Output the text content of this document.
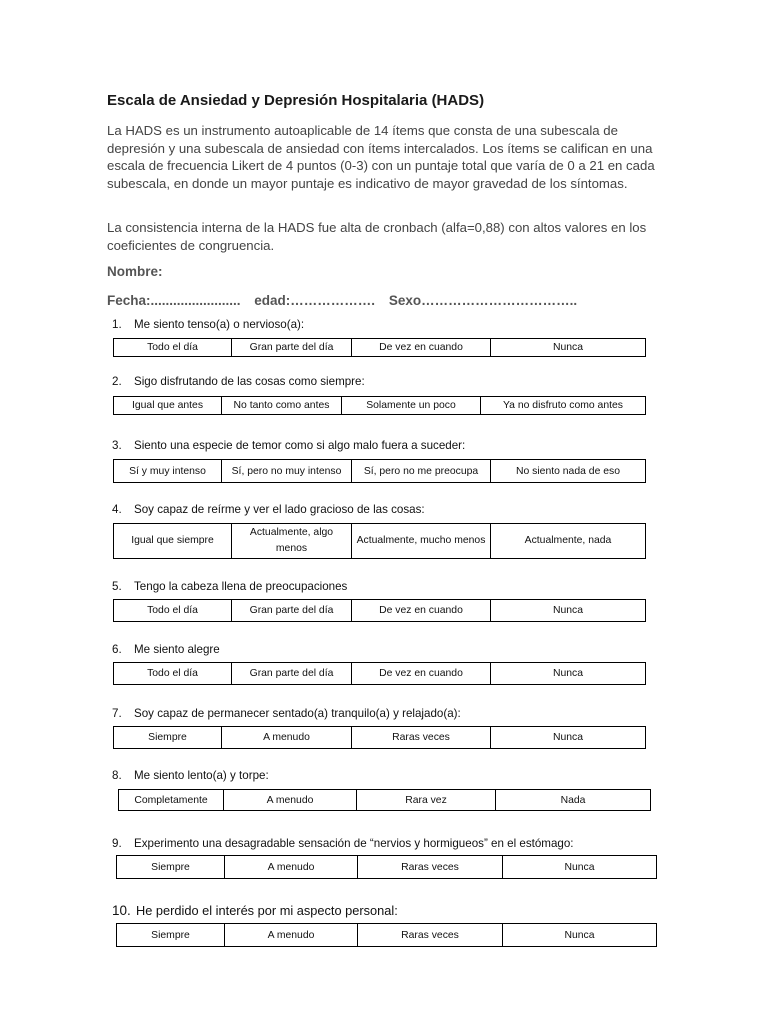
Escala de Ansiedad y Depresión Hospitalaria (HADS)
La HADS es un instrumento autoaplicable de 14 ítems que consta de una subescala de depresión y una subescala de ansiedad con ítems intercalados. Los ítems se califican en una escala de frecuencia Likert de 4 puntos (0-3) con un puntaje total que varía de 0 a 21 en cada subescala, en donde un mayor puntaje es indicativo de mayor gravedad de los síntomas.
La consistencia interna de la HADS fue alta de cronbach (alfa=0,88) con altos valores en los coeficientes de congruencia.
Nombre:
Fecha:........................ edad:………………. Sexo……………………………..
1. Me siento tenso(a) o nervioso(a):
Todo el día	Gran parte del día	De vez en cuando	Nunca
2. Sigo disfrutando de las cosas como siempre:
Igual que antes	No tanto como antes	Solamente un poco	Ya no disfruto como antes
3. Siento una especie de temor como si algo malo fuera a suceder:
Sí y muy intenso	Sí, pero no muy intenso	Sí, pero no me preocupa	No siento nada de eso
4. Soy capaz de reírme y ver el lado gracioso de las cosas:
Igual que siempre	Actualmente, algo menos	Actualmente, mucho menos	Actualmente, nada
5. Tengo la cabeza llena de preocupaciones
Todo el día	Gran parte del día	De vez en cuando	Nunca
6. Me siento alegre
Todo el día	Gran parte del día	De vez en cuando	Nunca
7. Soy capaz de permanecer sentado(a) tranquilo(a) y relajado(a):
Siempre	A menudo	Raras veces	Nunca
8. Me siento lento(a) y torpe:
Completamente	A menudo	Rara vez	Nada
9. Experimento una desagradable sensación de “nervios y hormigueos” en el estómago:
Siempre	A menudo	Raras veces	Nunca
10. He perdido el interés por mi aspecto personal:
Siempre	A menudo	Raras veces	Nunca
